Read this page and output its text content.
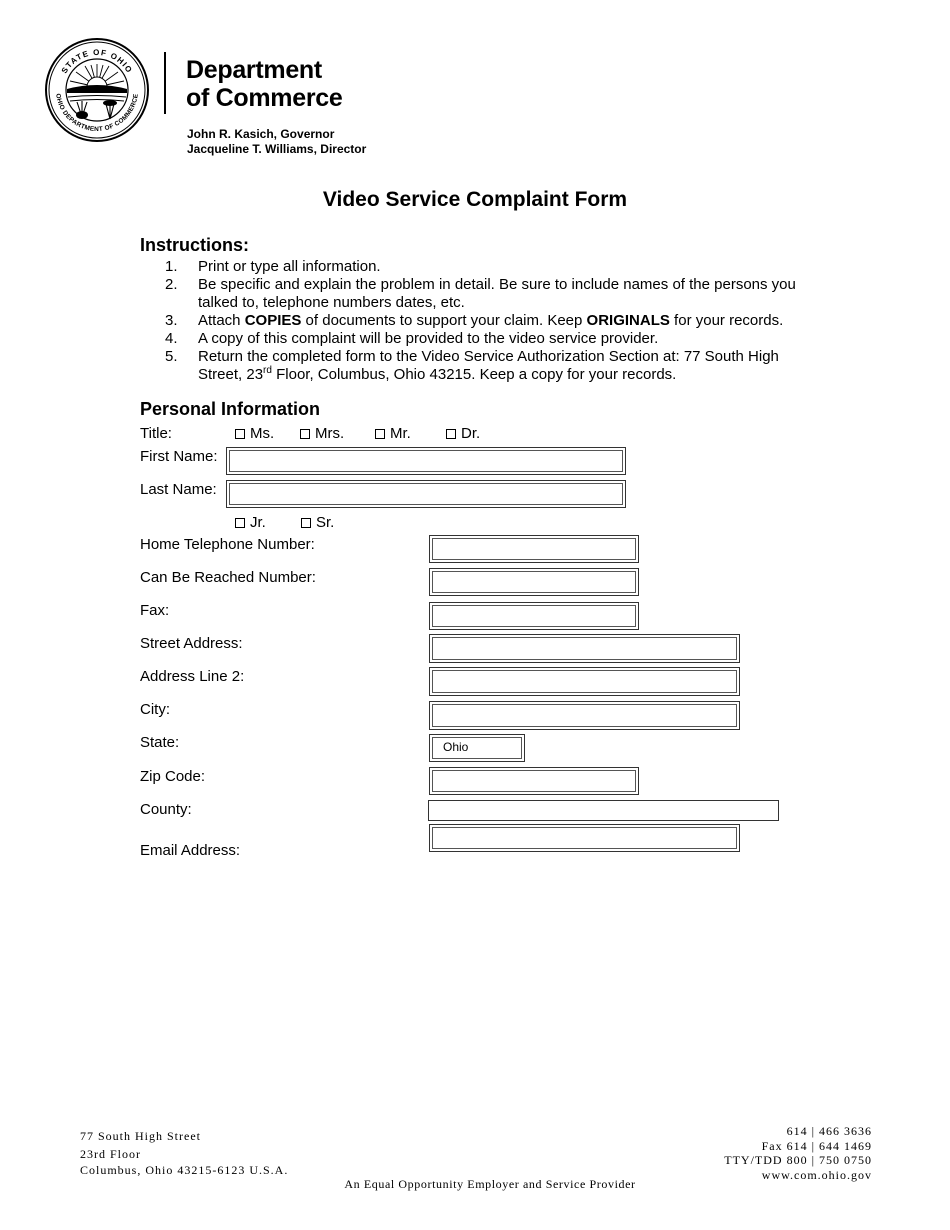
STATE OF OHIO
OHIO DEPARTMENT OF COMMERCE
Department
of Commerce
John R. Kasich, Governor
Jacqueline T. Williams, Director
Video Service Complaint Form
Instructions:
1.	Print or type all information.
2.	Be specific and explain the problem in detail. Be sure to include names of the persons you talked to, telephone numbers dates, etc.
3.	Attach COPIES of documents to support your claim. Keep ORIGINALS for your records.
4.	A copy of this complaint will be provided to the video service provider.
5.	Return the completed form to the Video Service Authorization Section at: 77 South High Street, 23rd Floor, Columbus, Ohio 43215. Keep a copy for your records.
Personal Information
Title:	Ms.	Mrs.	Mr.	Dr.
First Name:
Last Name:
Jr.	Sr.
Home Telephone Number:
Can Be Reached Number:
Fax:
Street Address:
Address Line 2:
City:
State:	Ohio
Zip Code:
County:
Email Address:
77 South High Street
23rd Floor
Columbus, Ohio 43215-6123 U.S.A.
614 | 466 3636
Fax 614 | 644 1469
TTY/TDD 800 | 750 0750
www.com.ohio.gov
An Equal Opportunity Employer and Service Provider
